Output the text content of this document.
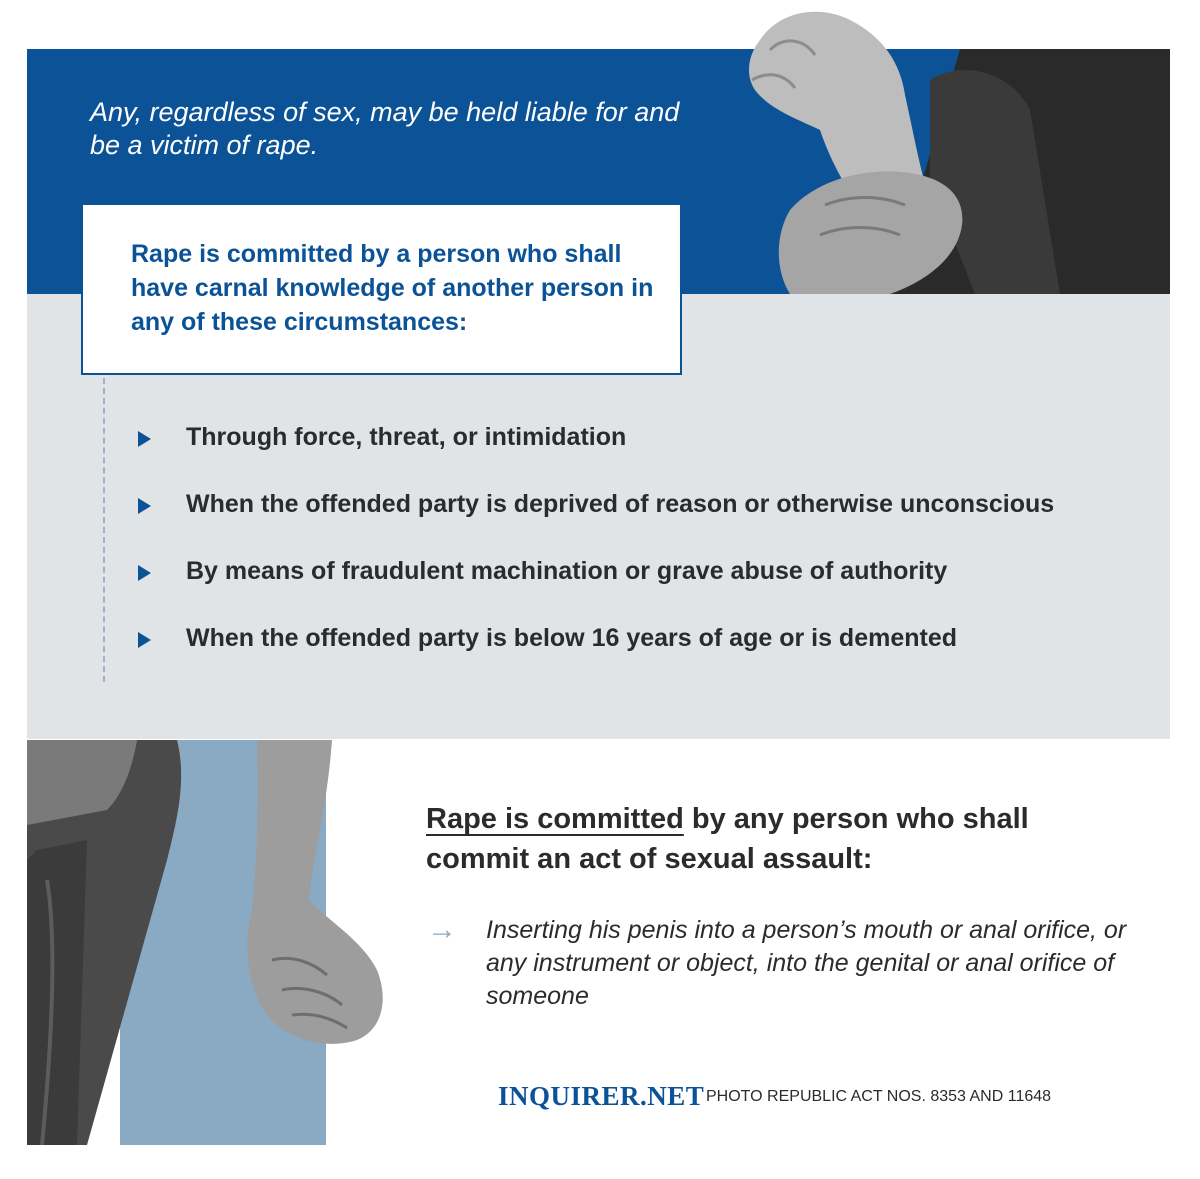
Any, regardless of sex, may be held liable for and be a victim of rape.
Rape is committed by a person who shall have carnal knowledge of another person in any of these circumstances:
Through force, threat, or intimidation
When the offended party is deprived of reason or otherwise unconscious
By means of fraudulent machination or grave abuse of authority
When the offended party is below 16 years of age or is demented
Rape is committed by any person who shall commit an act of sexual assault:
→ Inserting his penis into a person’s mouth or anal orifice, or any instrument or object, into the genital or anal orifice of someone
INQUIRER.NET PHOTO REPUBLIC ACT NOS. 8353 AND 11648
